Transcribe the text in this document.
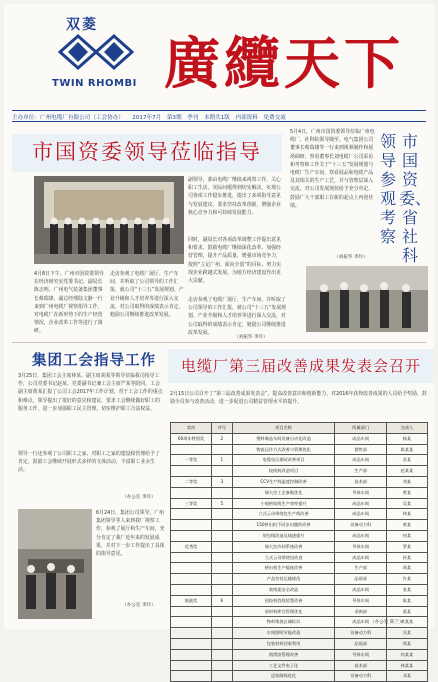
双菱
TWIN RHOMBI 廣纜天下
主办单位：广州电缆厂有限公司（工会协办）　　2017年7月　第3期　季刊　本期共1版　内部资料　免费交流
市国资委领导莅临指导	市国资委、省社科
领导参观考察
5月4日，广州市国资委领导莅临广州电缆厂，社科院领导随至。电气集团公司董事长蔡瑞雄等一行来到视频制作和展场调研，察看董事长刘电缆厂公司采访和考察和工作关于“十三五”发展规划与电缆厂生产车间，察看展品和电缆产品及其相关的生产工艺，并与管理层深入交流，对公司发展现状给予充分肯定，鼓励广大干部职工在新的起点上再创佳绩。
（刘振华 李玲）
副领导，郭由电缆厂继续来视察工作，关心职工生活，实际问题得到切实解决，实现公司各项工作稳步推进，提出了多项指导意见与发展建议，要求坚持改革创新，增强企业核心竞争力和可持续发展能力。
同时，副局长对各项改革调整工作提出意见和要求，鼓励电缆厂继续深化改革，加强经营管理，提升产品质量，增强市场竞争力，按照“立足广州、面向全国”的目标，努力实现企业跨越式发展，为地方经济建设作出更大贡献。
4月8日下午，广州市国资委领导在经济研究室党委书记、副局长陈志明、广州电气装备集团董事长蔡瑞雄，副总经理陆文静一行来到广州电缆厂视察指导工作，对电缆厂在新形势下的生产经营情况、企业改革工作等进行了调研。
走访参观了电缆厂展厅、生产车间，并听取了公司领导的工作汇报，就公司“十三五”发展规划、产业升级和人才培养等进行深入交流，对公司取得的成绩表示肯定，勉励公司继续推进改革发展。
走访参观了电缆厂展厅、生产车间，并听取了公司领导的工作汇报，就公司“十三五”发展规划、产业升级和人才培养等进行深入交流，对公司取得的成绩表示肯定，勉励公司继续推进改革发展。
（刘振华 李玲）
集团工会指导工作
3月25日，集团工会主席林某、副主席胡某等领导莅临我司指导工作，公司党委书记赵某、党委副书记兼工会主席严某等陪同。工会副主席黄某汇报了公司工会2017年工作计划，对于工会工作的重点和难点，领导提出了很好的意见和建议，要求工会继续做好职工的服务工作，进一步加强职工民主管理，切实维护职工合法权益。
领导一行还参观了公司职工之家，对职工之家的建设和管理给予了肯定，鼓励工会继续开展形式多样的文体活动，丰富职工业余生活。
（办公室 李玲）
6月24日，集团公司领导、广州集团领导等人来到我厂视察工作，参观了展厅和生产车间，充分肯定了我厂近年来的发展成果，并对下一步工作提出了具体的指导意见。
（办公室 李玲）
电缆厂第三届改善成果发表会召开
2月15日公司召开了“第三届改善成果发表会”，提高改善意识和创新能力，对2016年获得改善成果的人员给予奖励，鼓励全员参与改善活动，进一步促进公司精益管理水平的提升。
奖项	序号	项目名称	所属部门	完成人
60周年特别奖	2	塑料制品车间设备自动化改造	成品车间	杨某
		物流运作方式改善与管理优化	销售部	陈某某
一等奖	1	电缆电压测试改善项目	成品车间	苏某
		绞线机改造项目	生产部	赵某某
二等奖	3	CCV生产线温度控制改善	技术部	刘某
		铜大拉工艺参数优化	导体车间	曾某
三等奖	5	小规格铝线生产效率提升	成品车间	吴某
		立式云母带绕包生产线改善	成品车间	林某
		150挤出机不同步问题的改善	设备动力科	黄某
		装包线改造及线速提升	成品车间	何某
优秀奖		铜大拉冷却系统改善	导体车间	罗某
		立式云母带绕包改进	成品车间	孙某
		挤出机生产能耗改善	生产部	周某
		产品包装运输规范	品质部	许某
		收线架安全改造	成品车间	张某
鼓励奖	6	扭绞机挡线装置改善	导体车间	陈某
		原材料库存管理优化	采购部	梁某
		物料堆放区域标识	成品车间	黄某某
		车间照明节能改造	设备动力科	冯某
		包装材料回收利用	品质部	郑某
		润滑油管理改善	导体车间	何某某
		工艺文件电子化	技术部	林某某
		巡检路线优化	设备动力科	邓某
（办公室 陈兰）
